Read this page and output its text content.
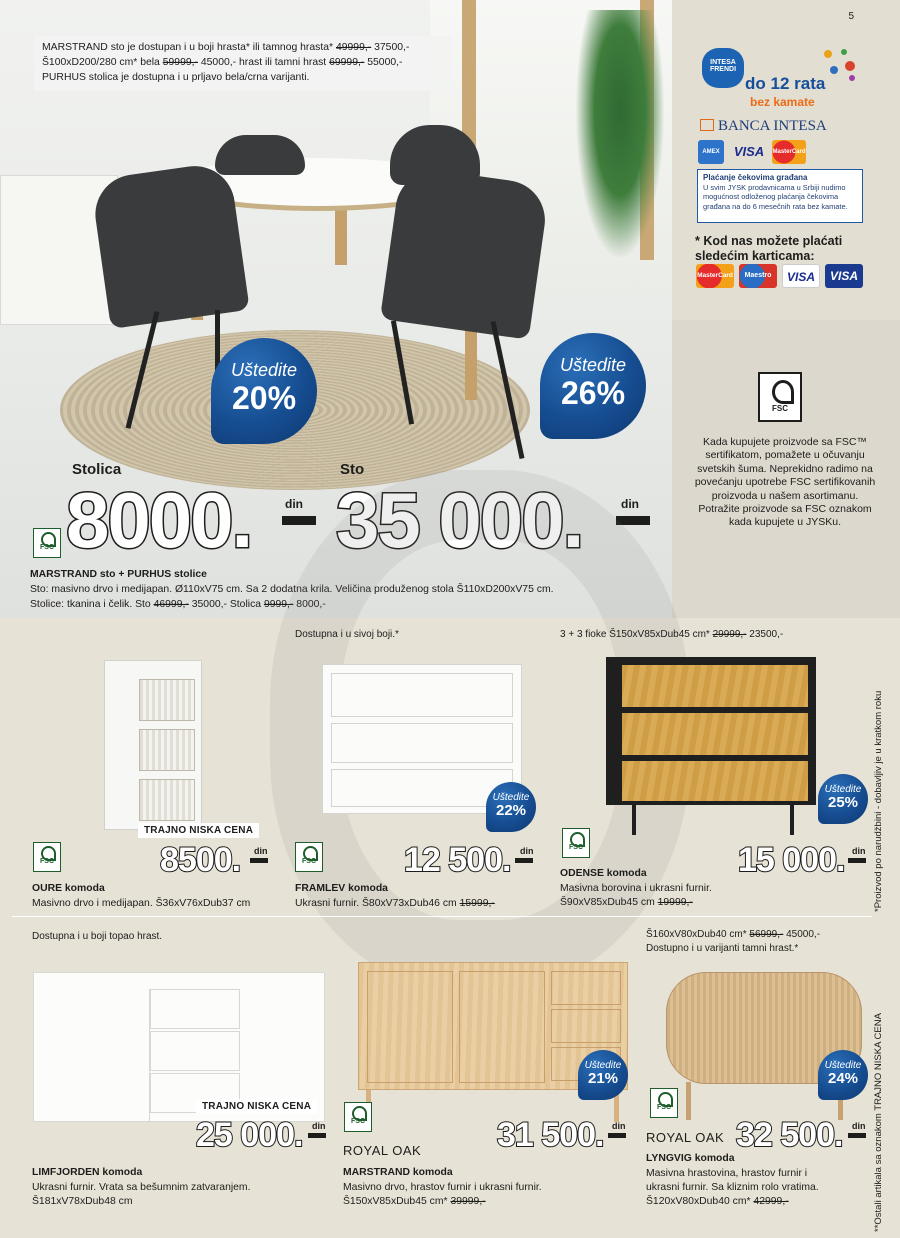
MARSTRAND sto je dostupan i u boji hrasta* ili tamnog hrasta* 49999,- 37500,-
Š100xD200/280 cm* bela 59999,- 45000,- hrast ili tamni hrast 69999,- 55000,-
PURHUS stolica je dostupna i u prljavo bela/crna varijanti.
Uštedite
20%
Uštedite
26%
Stolica	Sto
8000.	din 35 000.	din
FSC
MARSTRAND sto + PURHUS stolice
Sto: masivno drvo i medijapan. Ø110xV75 cm. Sa 2 dodatna krila. Veličina produženog stola Š110xD200xV75 cm.
Stolice: tkanina i čelik. Sto 46999,- 35000,- Stolica 9999,- 8000,-
5
INTESA FRENDI
do 12 rata
bez kamate
BANCA INTESA
AMEX	VISA	MasterCard
Plaćanje čekovima građana
U svim JYSK prodavnicama u Srbiji nudimo mogućnost odloženog plaćanja čekovima građana na do 6 mesečnih rata bez kamate.
* Kod nas možete plaćati sledećim karticama:
MasterCard	Maestro	VISA	VISA
FSC
Kada kupujete proizvode sa FSC™ sertifikatom, pomažete u očuvanju svetskih šuma. Neprekidno radimo na povećanju upotrebe FSC sertifikovanih proizvoda u našem asortimanu. Potražite proizvode sa FSC oznakom kada kupujete u JYSKu.
TRAJNO NISKA CENA
FSC	8500. din
OURE komoda
Masivno drvo i medijapan. Š36xV76xDub37 cm
Dostupna i u sivoj boji.*
Uštedite
22%
FSC	12 500. din
FRAMLEV komoda
Ukrasni furnir. Š80xV73xDub46 cm 15999,-
3 + 3 fioke Š150xV85xDub45 cm* 29999,- 23500,-
Uštedite
25%
FSC	15 000. din
ODENSE komoda
Masivna borovina i ukrasni furnir.
Š90xV85xDub45 cm 19999,-	*Proizvod po narudžbini - dobavljiv je u kratkom roku
Dostupna i u boji topao hrast.
TRAJNO NISKA CENA
25 000. din
LIMFJORDEN komoda
Ukrasni furnir. Vrata sa bešumnim zatvaranjem.
Š181xV78xDub48 cm
Uštedite
21%
FSC
ROYAL OAK 31 500. din
MARSTRAND komoda
Masivno drvo, hrastov furnir i ukrasni furnir.
Š150xV85xDub45 cm* 39999,-
Š160xV80xDub40 cm* 56999,- 45000,-
Dostupno i u varijanti tamni hrast.*
Uštedite
24%
FSC
ROYAL OAK 32 500. din
LYNGVIG komoda
Masivna hrastovina, hrastov furnir i
ukrasni furnir. Sa kliznim rolo vratima.
Š120xV80xDub40 cm* 42999,-	**Ostali artikala sa oznakom TRAJNO NISKA CENA
